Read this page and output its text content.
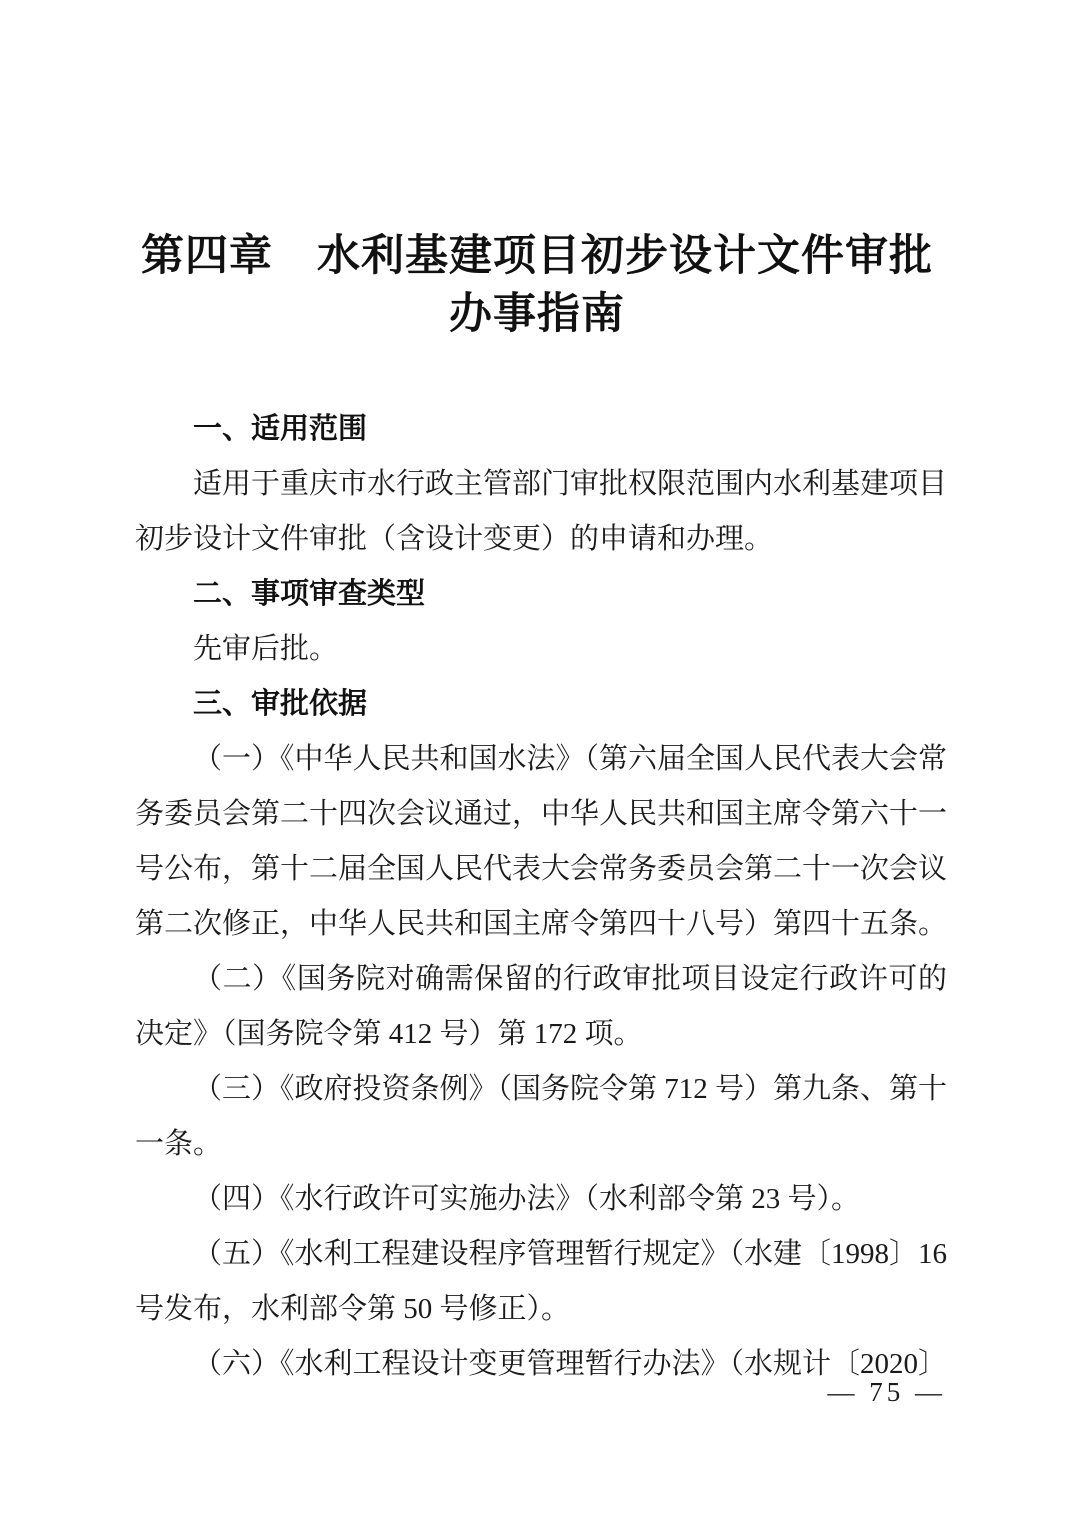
第四章　水利基建项目初步设计文件审批
办事指南
一、适用范围

适用于重庆市水行政主管部门审批权限范围内水利基建项目初步设计文件审批（含设计变更）的申请和办理。

二、事项审查类型

先审后批。

三、审批依据

（一）《中华人民共和国水法》（第六届全国人民代表大会常务委员会第二十四次会议通过，中华人民共和国主席令第六十一号公布，第十二届全国人民代表大会常务委员会第二十一次会议第二次修正，中华人民共和国主席令第四十八号）第四十五条。

（二）《国务院对确需保留的行政审批项目设定行政许可的决定》（国务院令第 412 号）第 172 项。

（三）《政府投资条例》（国务院令第 712 号）第九条、第十一条。

（四）《水行政许可实施办法》（水利部令第 23 号）。

（五）《水利工程建设程序管理暂行规定》（水建〔1998〕16 号发布，水利部令第 50 号修正）。

（六）《水利工程设计变更管理暂行办法》（水规计〔2020〕

— 75 —
